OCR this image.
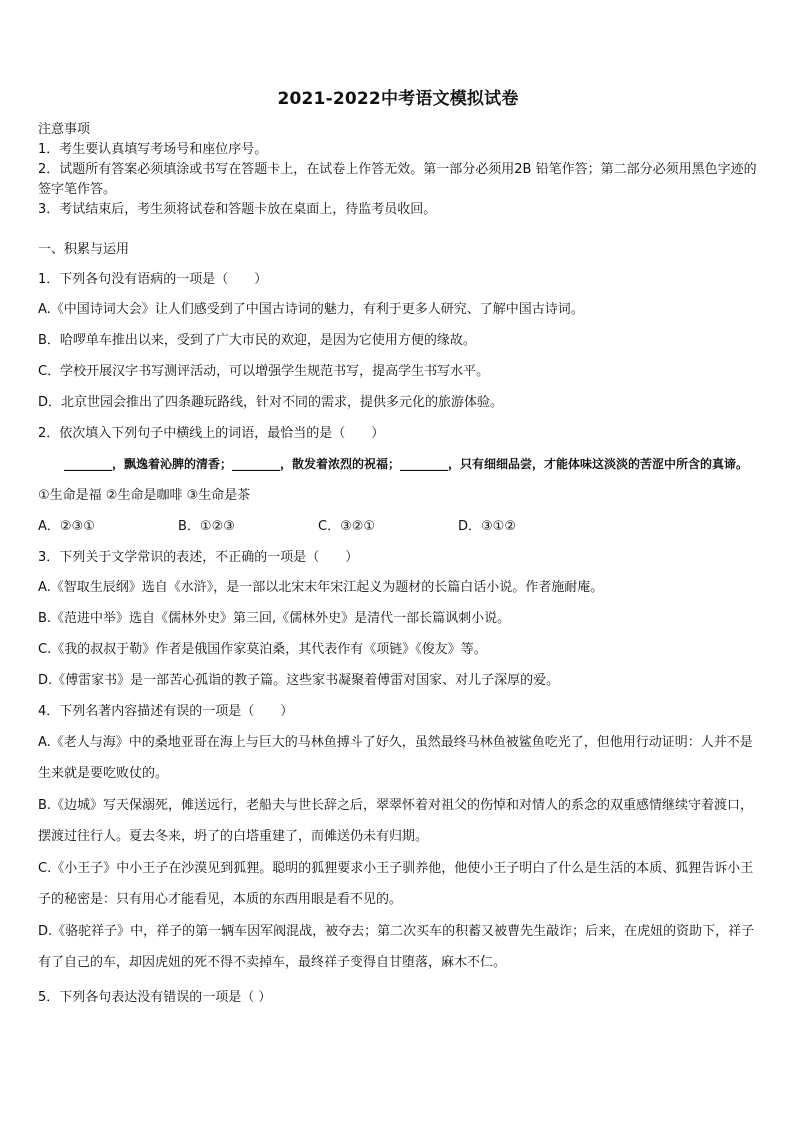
2021-2022中考语文模拟试卷
注意事项
1．考生要认真填写考场号和座位序号。
2．试题所有答案必须填涂或书写在答题卡上，在试卷上作答无效。第一部分必须用2B 铅笔作答；第二部分必须用黑色字迹的签字笔作答。
3．考试结束后，考生须将试卷和答题卡放在桌面上，待监考员收回。
一、积累与运用
1．下列各句没有语病的一项是（　　）
A.《中国诗词大会》让人们感受到了中国古诗词的魅力，有利于更多人研究、了解中国古诗词。
B．哈啰单车推出以来，受到了广大市民的欢迎，是因为它使用方便的缘故。
C．学校开展汉字书写测评活动，可以增强学生规范书写，提高学生书写水平。
D．北京世园会推出了四条趣玩路线，针对不同的需求，提供多元化的旅游体验。
2．依次填入下列句子中横线上的词语，最恰当的是（　　）
________，飘逸着沁脾的清香；________，散发着浓烈的祝福；________，只有细细品尝，才能体味这淡淡的苦涩中所含的真谛。
①生命是福 ②生命是咖啡 ③生命是茶
A．②③①	B．①②③	C．③②①	D．③①②
3．下列关于文学常识的表述，不正确的一项是（　　）
A.《智取生辰纲》选自《水浒》，是一部以北宋末年宋江起义为题材的长篇白话小说。作者施耐庵。
B.《范进中举》选自《儒林外史》第三回,《儒林外史》是清代一部长篇讽刺小说。
C.《我的叔叔于勒》作者是俄国作家莫泊桑，其代表作有《项链》《俊友》等。
D.《傅雷家书》是一部苦心孤诣的教子篇。这些家书凝聚着傅雷对国家、对儿子深厚的爱。
4．下列名著内容描述有误的一项是（　　）
A.《老人与海》中的桑地亚哥在海上与巨大的马林鱼搏斗了好久，虽然最终马林鱼被鲨鱼吃光了，但他用行动证明：人并不是生来就是要吃败仗的。
B.《边城》写天保溺死，傩送远行，老船夫与世长辞之后，翠翠怀着对祖父的伤悼和对情人的系念的双重感情继续守着渡口，摆渡过往行人。夏去冬来，坍了的白塔重建了，而傩送仍未有归期。
C.《小王子》中小王子在沙漠见到狐狸。聪明的狐狸要求小王子驯养他，他使小王子明白了什么是生活的本质、狐狸告诉小王子的秘密是：只有用心才能看见，本质的东西用眼是看不见的。
D.《骆驼祥子》中，祥子的第一辆车因军阀混战，被夺去；第二次买车的积蓄又被曹先生敲诈；后来，在虎妞的资助下，祥子有了自己的车，却因虎妞的死不得不卖掉车，最终祥子变得自甘堕落，麻木不仁。
5．下列各句表达没有错误的一项是（ ）
